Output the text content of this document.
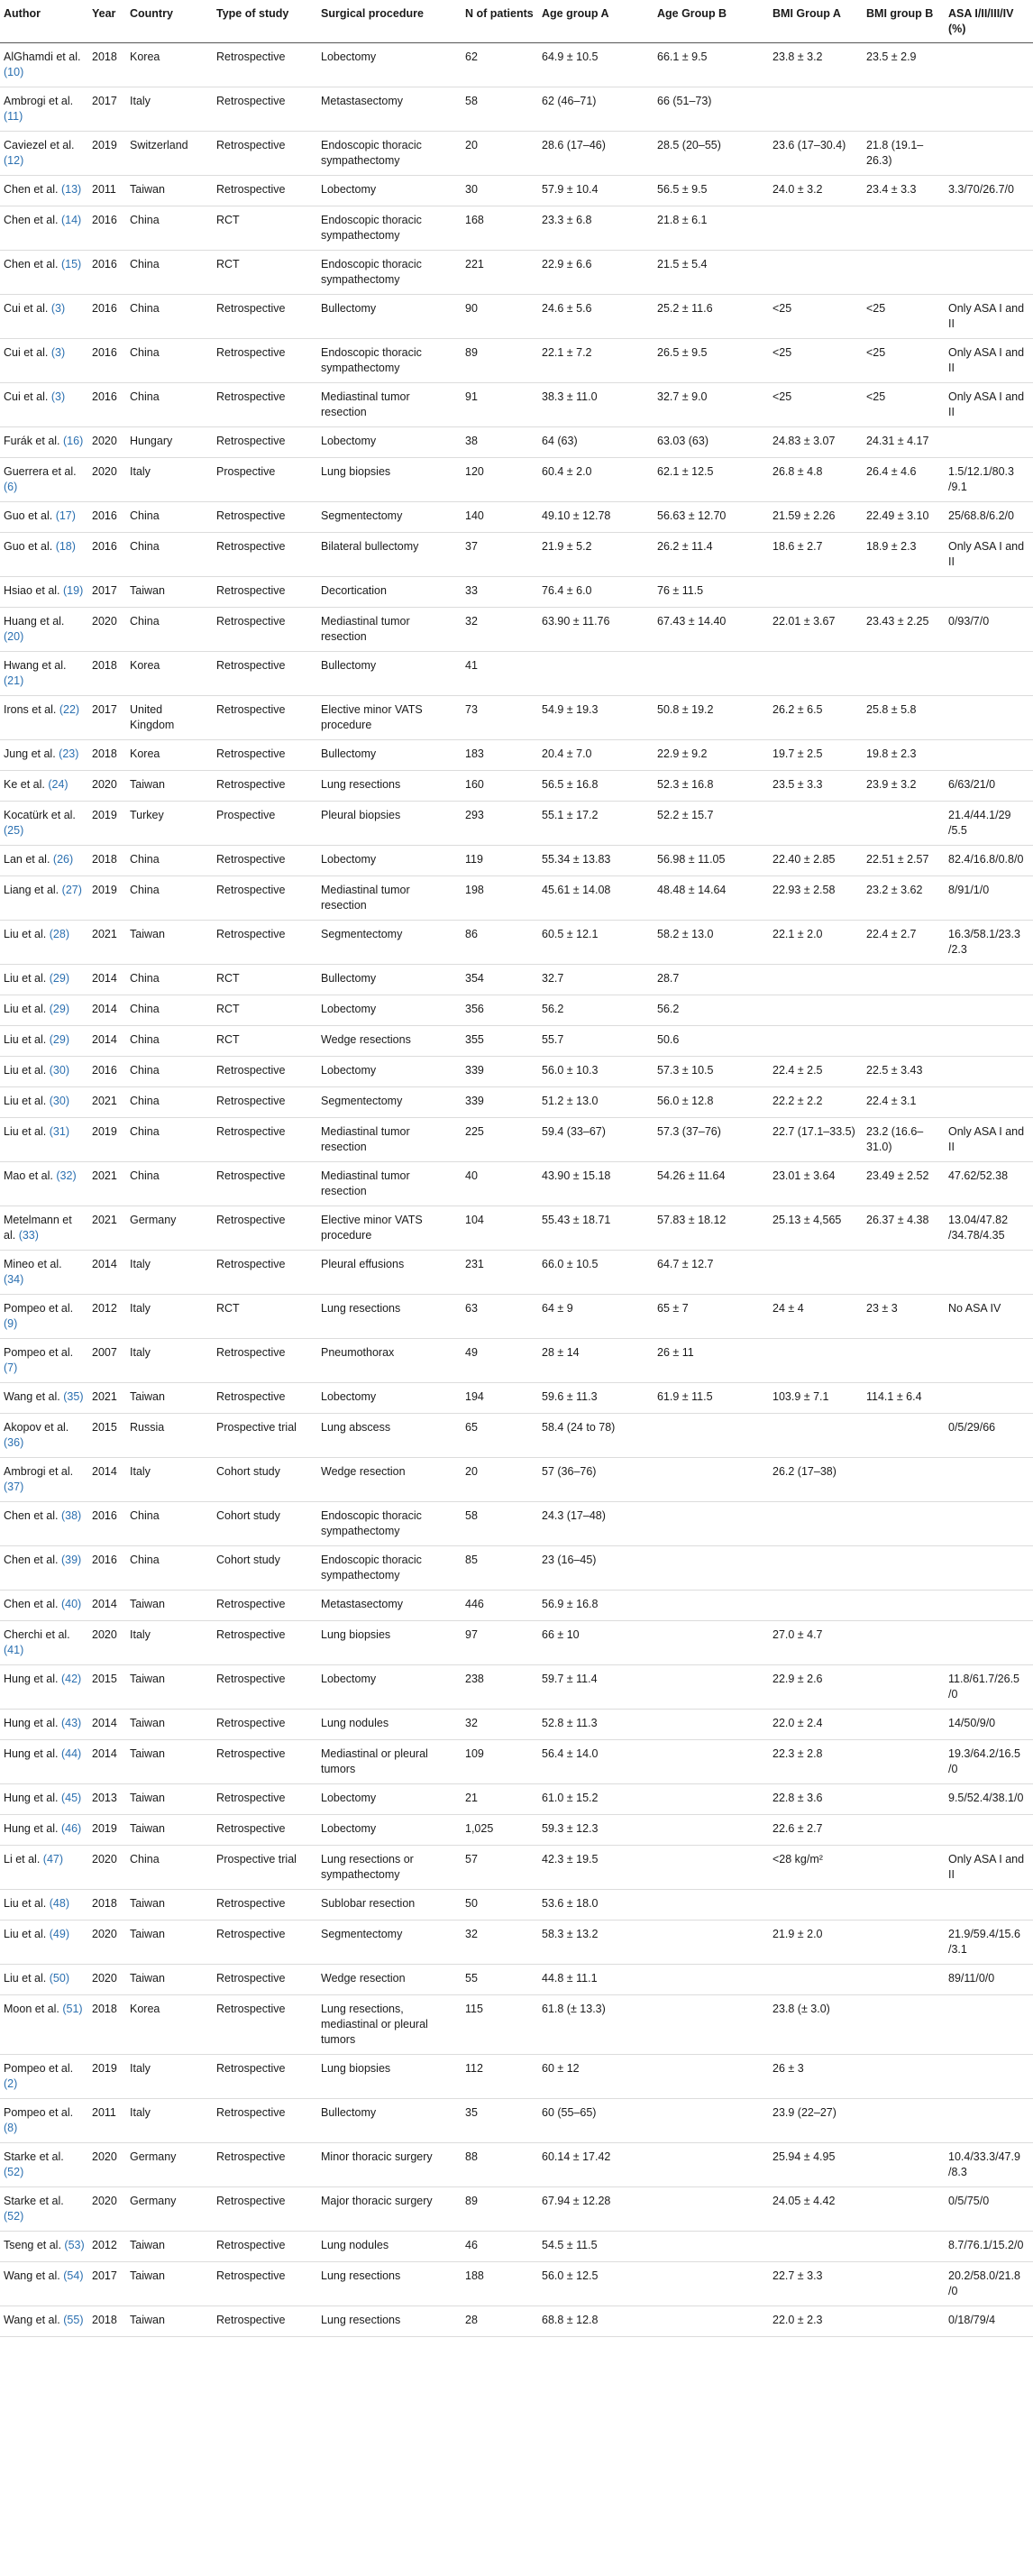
Author	Year	Country	Type of study	Surgical procedure	N of patients	Age group A	Age Group B	BMI Group A	BMI group B	ASA I/II/III/IV (%)
AlGhamdi et al. (10)	2018	Korea	Retrospective	Lobectomy	62	64.9 ± 10.5	66.1 ± 9.5	23.8 ± 3.2	23.5 ± 2.9	
Ambrogi et al. (11)	2017	Italy	Retrospective	Metastasectomy	58	62 (46–71)	66 (51–73)			
Caviezel et al. (12)	2019	Switzerland	Retrospective	Endoscopic thoracic sympathectomy	20	28.6 (17–46)	28.5 (20–55)	23.6 (17–30.4)	21.8 (19.1–26.3)	
Chen et al. (13)	2011	Taiwan	Retrospective	Lobectomy	30	57.9 ± 10.4	56.5 ± 9.5	24.0 ± 3.2	23.4 ± 3.3	3.3/70/26.7/0
Chen et al. (14)	2016	China	RCT	Endoscopic thoracic sympathectomy	168	23.3 ± 6.8	21.8 ± 6.1			
Chen et al. (15)	2016	China	RCT	Endoscopic thoracic sympathectomy	221	22.9 ± 6.6	21.5 ± 5.4			
Cui et al. (3)	2016	China	Retrospective	Bullectomy	90	24.6 ± 5.6	25.2 ± 11.6	<25	<25	Only ASA I and II
Cui et al. (3)	2016	China	Retrospective	Endoscopic thoracic sympathectomy	89	22.1 ± 7.2	26.5 ± 9.5	<25	<25	Only ASA I and II
Cui et al. (3)	2016	China	Retrospective	Mediastinal tumor resection	91	38.3 ± 11.0	32.7 ± 9.0	<25	<25	Only ASA I and II
Furák et al. (16)	2020	Hungary	Retrospective	Lobectomy	38	64 (63)	63.03 (63)	24.83 ± 3.07	24.31 ± 4.17	
Guerrera et al. (6)	2020	Italy	Prospective	Lung biopsies	120	60.4 ± 2.0	62.1 ± 12.5	26.8 ± 4.8	26.4 ± 4.6	1.5/12.1/80.3 /9.1
Guo et al. (17)	2016	China	Retrospective	Segmentectomy	140	49.10 ± 12.78	56.63 ± 12.70	21.59 ± 2.26	22.49 ± 3.10	25/68.8/6.2/0
Guo et al. (18)	2016	China	Retrospective	Bilateral bullectomy	37	21.9 ± 5.2	26.2 ± 11.4	18.6 ± 2.7	18.9 ± 2.3	Only ASA I and II
Hsiao et al. (19)	2017	Taiwan	Retrospective	Decortication	33	76.4 ± 6.0	76 ± 11.5			
Huang et al. (20)	2020	China	Retrospective	Mediastinal tumor resection	32	63.90 ± 11.76	67.43 ± 14.40	22.01 ± 3.67	23.43 ± 2.25	0/93/7/0
Hwang et al. (21)	2018	Korea	Retrospective	Bullectomy	41					
Irons et al. (22)	2017	United Kingdom	Retrospective	Elective minor VATS procedure	73	54.9 ± 19.3	50.8 ± 19.2	26.2 ± 6.5	25.8 ± 5.8	
Jung et al. (23)	2018	Korea	Retrospective	Bullectomy	183	20.4 ± 7.0	22.9 ± 9.2	19.7 ± 2.5	19.8 ± 2.3	
Ke et al. (24)	2020	Taiwan	Retrospective	Lung resections	160	56.5 ± 16.8	52.3 ± 16.8	23.5 ± 3.3	23.9 ± 3.2	6/63/21/0
Kocatürk et al. (25)	2019	Turkey	Prospective	Pleural biopsies	293	55.1 ± 17.2	52.2 ± 15.7			21.4/44.1/29 /5.5
Lan et al. (26)	2018	China	Retrospective	Lobectomy	119	55.34 ± 13.83	56.98 ± 11.05	22.40 ± 2.85	22.51 ± 2.57	82.4/16.8/0.8/0
Liang et al. (27)	2019	China	Retrospective	Mediastinal tumor resection	198	45.61 ± 14.08	48.48 ± 14.64	22.93 ± 2.58	23.2 ± 3.62	8/91/1/0
Liu et al. (28)	2021	Taiwan	Retrospective	Segmentectomy	86	60.5 ± 12.1	58.2 ± 13.0	22.1 ± 2.0	22.4 ± 2.7	16.3/58.1/23.3 /2.3
Liu et al. (29)	2014	China	RCT	Bullectomy	354	32.7	28.7			
Liu et al. (29)	2014	China	RCT	Lobectomy	356	56.2	56.2			
Liu et al. (29)	2014	China	RCT	Wedge resections	355	55.7	50.6			
Liu et al. (30)	2016	China	Retrospective	Lobectomy	339	56.0 ± 10.3	57.3 ± 10.5	22.4 ± 2.5	22.5 ± 3.43	
Liu et al. (30)	2021	China	Retrospective	Segmentectomy	339	51.2 ± 13.0	56.0 ± 12.8	22.2 ± 2.2	22.4 ± 3.1	
Liu et al. (31)	2019	China	Retrospective	Mediastinal tumor resection	225	59.4 (33–67)	57.3 (37–76)	22.7 (17.1–33.5)	23.2 (16.6–31.0)	Only ASA I and II
Mao et al. (32)	2021	China	Retrospective	Mediastinal tumor resection	40	43.90 ± 15.18	54.26 ± 11.64	23.01 ± 3.64	23.49 ± 2.52	47.62/52.38
Metelmann et al. (33)	2021	Germany	Retrospective	Elective minor VATS procedure	104	55.43 ± 18.71	57.83 ± 18.12	25.13 ± 4,565	26.37 ± 4.38	13.04/47.82 /34.78/4.35
Mineo et al. (34)	2014	Italy	Retrospective	Pleural effusions	231	66.0 ± 10.5	64.7 ± 12.7			
Pompeo et al. (9)	2012	Italy	RCT	Lung resections	63	64 ± 9	65 ± 7	24 ± 4	23 ± 3	No ASA IV
Pompeo et al. (7)	2007	Italy	Retrospective	Pneumothorax	49	28 ± 14	26 ± 11			
Wang et al. (35)	2021	Taiwan	Retrospective	Lobectomy	194	59.6 ± 11.3	61.9 ± 11.5	103.9 ± 7.1	114.1 ± 6.4	
Akopov et al. (36)	2015	Russia	Prospective trial	Lung abscess	65	58.4 (24 to 78)				0/5/29/66
Ambrogi et al. (37)	2014	Italy	Cohort study	Wedge resection	20	57 (36–76)		26.2 (17–38)		
Chen et al. (38)	2016	China	Cohort study	Endoscopic thoracic sympathectomy	58	24.3 (17–48)				
Chen et al. (39)	2016	China	Cohort study	Endoscopic thoracic sympathectomy	85	23 (16–45)				
Chen et al. (40)	2014	Taiwan	Retrospective	Metastasectomy	446	56.9 ± 16.8				
Cherchi et al. (41)	2020	Italy	Retrospective	Lung biopsies	97	66 ± 10		27.0 ± 4.7		
Hung et al. (42)	2015	Taiwan	Retrospective	Lobectomy	238	59.7 ± 11.4		22.9 ± 2.6		11.8/61.7/26.5 /0
Hung et al. (43)	2014	Taiwan	Retrospective	Lung nodules	32	52.8 ± 11.3		22.0 ± 2.4		14/50/9/0
Hung et al. (44)	2014	Taiwan	Retrospective	Mediastinal or pleural tumors	109	56.4 ± 14.0		22.3 ± 2.8		19.3/64.2/16.5 /0
Hung et al. (45)	2013	Taiwan	Retrospective	Lobectomy	21	61.0 ± 15.2		22.8 ± 3.6		9.5/52.4/38.1/0
Hung et al. (46)	2019	Taiwan	Retrospective	Lobectomy	1,025	59.3 ± 12.3		22.6 ± 2.7		
Li et al. (47)	2020	China	Prospective trial	Lung resections or sympathectomy	57	42.3 ± 19.5		<28 kg/m²		Only ASA I and II
Liu et al. (48)	2018	Taiwan	Retrospective	Sublobar resection	50	53.6 ± 18.0				
Liu et al. (49)	2020	Taiwan	Retrospective	Segmentectomy	32	58.3 ± 13.2		21.9 ± 2.0		21.9/59.4/15.6 /3.1
Liu et al. (50)	2020	Taiwan	Retrospective	Wedge resection	55	44.8 ± 11.1				89/11/0/0
Moon et al. (51)	2018	Korea	Retrospective	Lung resections, mediastinal or pleural tumors	115	61.8 (± 13.3)		23.8 (± 3.0)		
Pompeo et al. (2)	2019	Italy	Retrospective	Lung biopsies	112	60 ± 12		26 ± 3		
Pompeo et al. (8)	2011	Italy	Retrospective	Bullectomy	35	60 (55–65)		23.9 (22–27)		
Starke et al. (52)	2020	Germany	Retrospective	Minor thoracic surgery	88	60.14 ± 17.42		25.94 ± 4.95		10.4/33.3/47.9 /8.3
Starke et al. (52)	2020	Germany	Retrospective	Major thoracic surgery	89	67.94 ± 12.28		24.05 ± 4.42		0/5/75/0
Tseng et al. (53)	2012	Taiwan	Retrospective	Lung nodules	46	54.5 ± 11.5				8.7/76.1/15.2/0
Wang et al. (54)	2017	Taiwan	Retrospective	Lung resections	188	56.0 ± 12.5		22.7 ± 3.3		20.2/58.0/21.8 /0
Wang et al. (55)	2018	Taiwan	Retrospective	Lung resections	28	68.8 ± 12.8		22.0 ± 2.3		0/18/79/4
